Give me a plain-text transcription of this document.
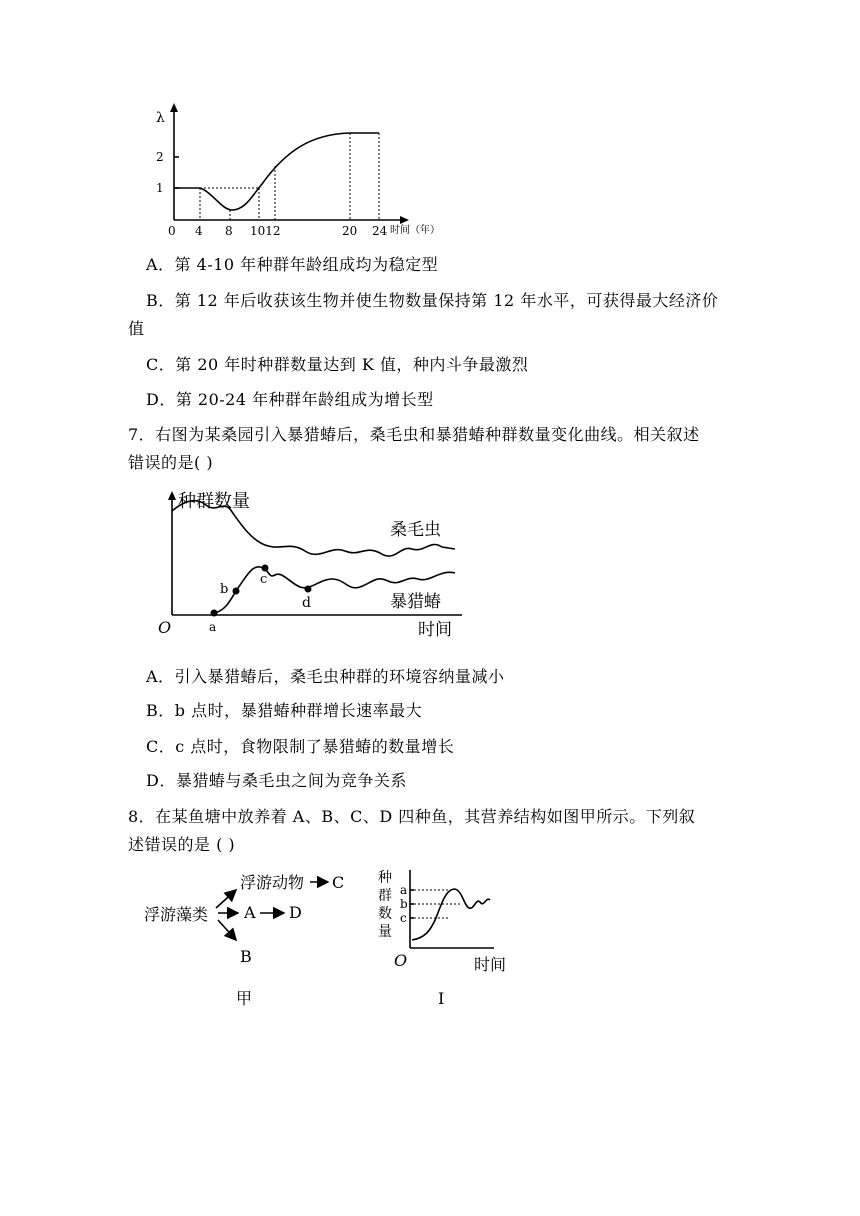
λ
1
2
0 4 8 1012	20 24 时间（年）
A．第 4-10 年种群年龄组成均为稳定型
B．第 12 年后收获该生物并使生物数量保持第 12 年水平，可获得最大经济价
值
C．第 20 年时种群数量达到 K 值，种内斗争最激烈
D．第 20-24 年种群年龄组成为增长型
7．右图为某桑园引入暴猎蝽后，桑毛虫和暴猎蝽种群数量变化曲线。相关叙述
错误的是( )
种群数量
桑毛虫
暴猎蝽
a
b
c
d
O	时间
A．引入暴猎蝽后，桑毛虫种群的环境容纳量减小
B．b 点时，暴猎蝽种群增长速率最大
C．c 点时，食物限制了暴猎蝽的数量增长
D．暴猎蝽与桑毛虫之间为竞争关系
8．在某鱼塘中放养着 A、B、C、D 四种鱼，其营养结构如图甲所示。下列叙
述错误的是 ( )
浮游藻类
浮游动物 C
A D
B
甲
种
群
数
量
a
b
c
O	时间
I
